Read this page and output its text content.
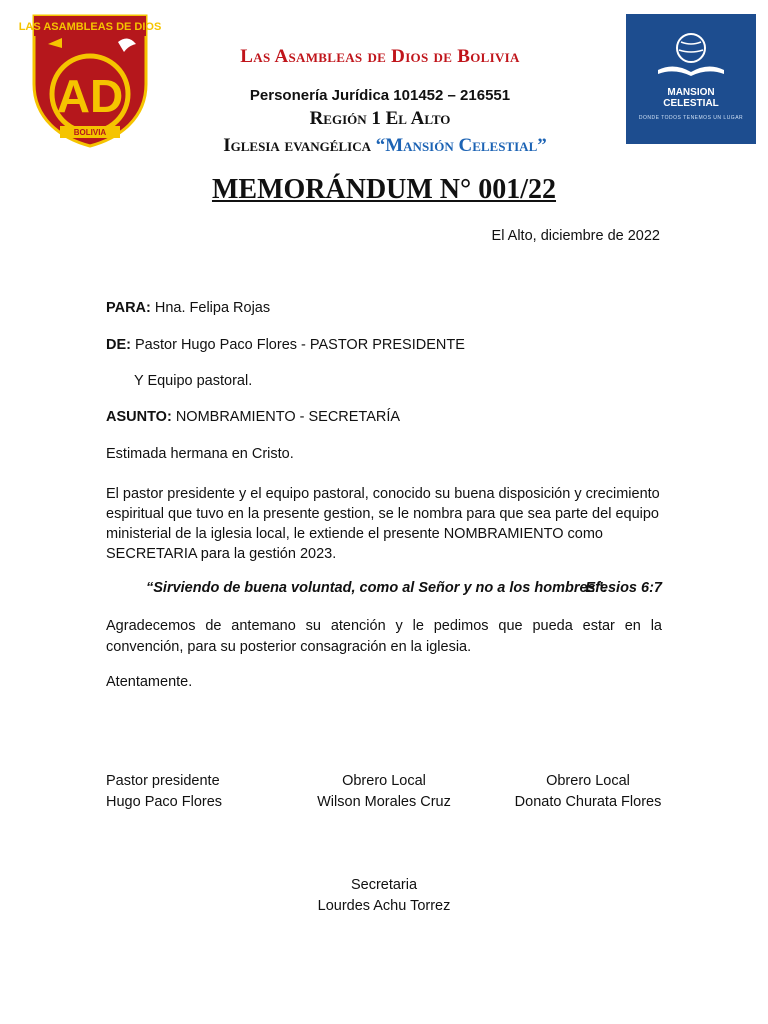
LAS ASAMBLEAS DE DIOS
AD
BOLIVIA
MANSION
CELESTIAL
DONDE TODOS TENEMOS UN LUGAR
Las Asambleas de Dios de Bolivia
Personería Jurídica 101452 – 216551
Región 1 El Alto
Iglesia evangélica “Mansión Celestial”
MEMORÁNDUM N° 001/22
El Alto, diciembre de 2022
PARA: Hna. Felipa Rojas
DE: Pastor Hugo Paco Flores - PASTOR PRESIDENTE
Y Equipo pastoral.
ASUNTO: NOMBRAMIENTO - SECRETARÍA
Estimada hermana en Cristo.
El pastor presidente y el equipo pastoral, conocido su buena disposición y crecimiento
espiritual que tuvo en la presente gestion, se le nombra para que sea parte del equipo
ministerial de la iglesia local, le extiende el presente NOMBRAMIENTO como
SECRETARIA para la gestión 2023.
“Sirviendo de buena voluntad, como al Señor y no a los hombres”.
Efesios 6:7
Agradecemos de antemano su atención y le pedimos que pueda estar en la convención, para su posterior consagración en la iglesia.
Atentamente.
Pastor presidente
Hugo Paco Flores
Obrero Local
Wilson Morales Cruz
Obrero Local
Donato Churata Flores
Secretaria
Lourdes Achu Torrez
